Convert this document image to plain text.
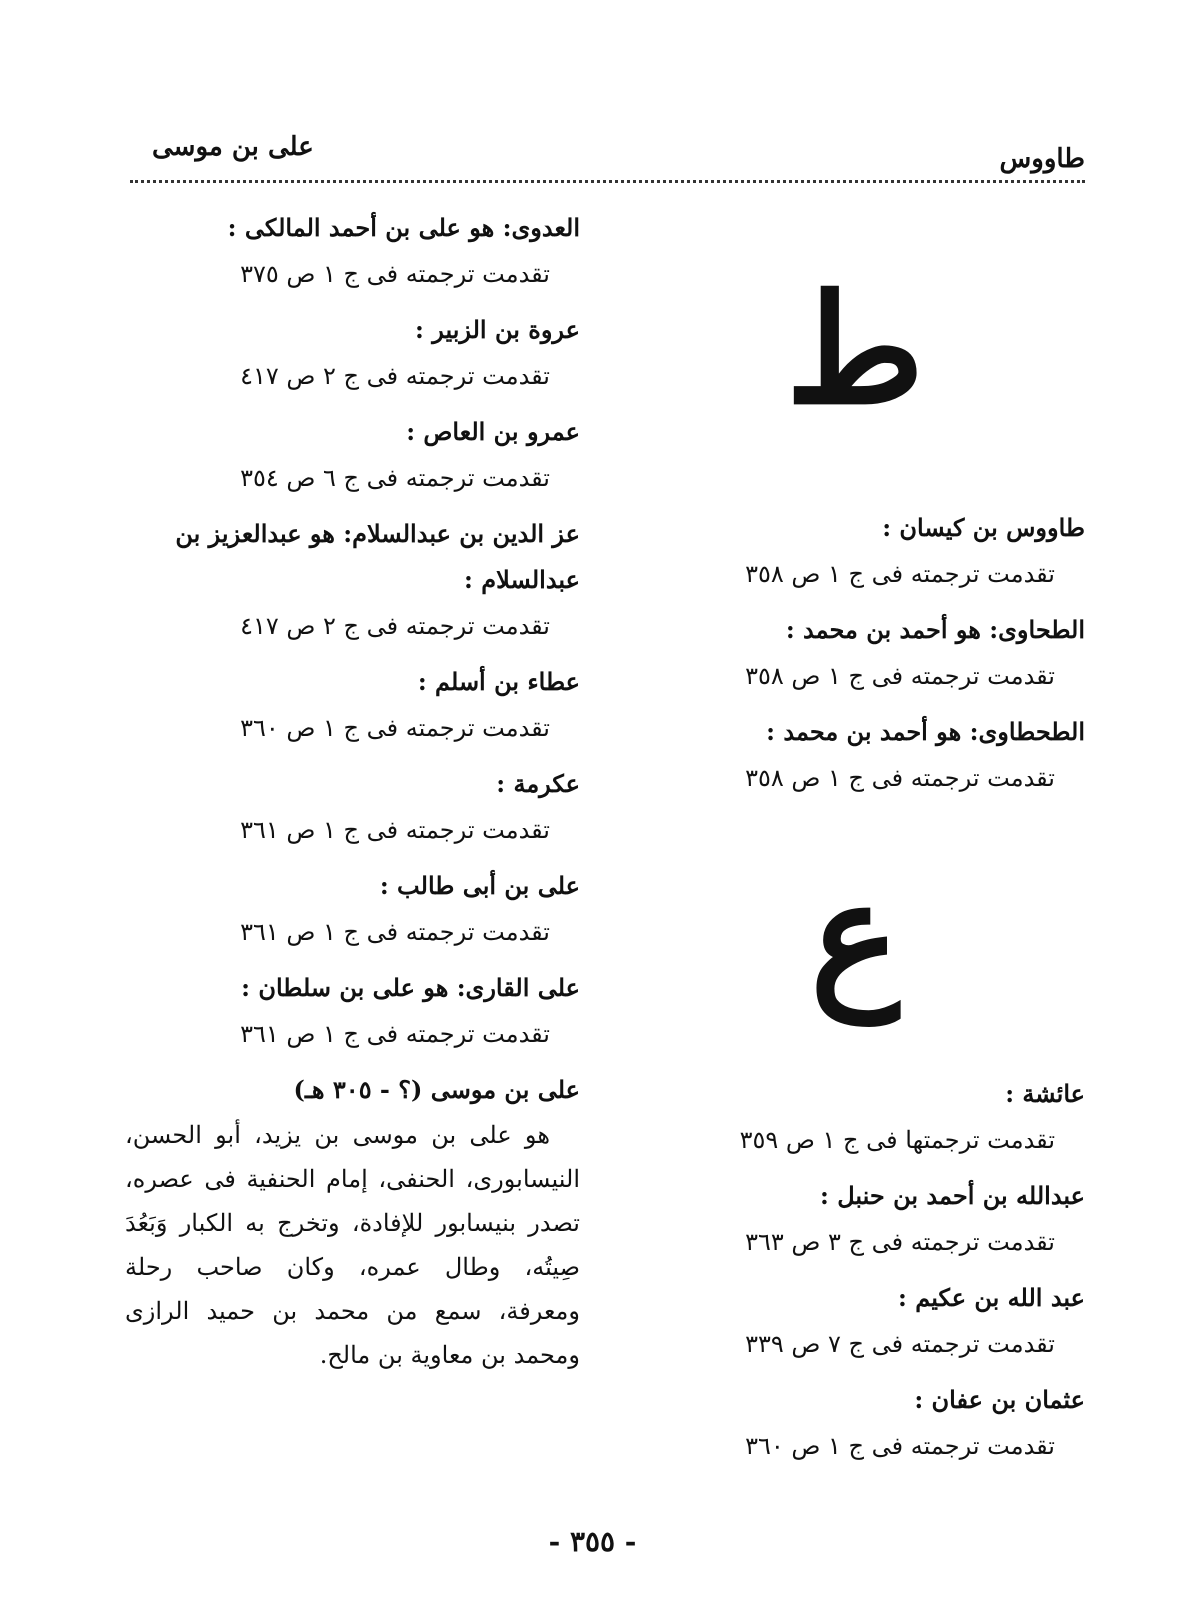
طاووس
على بن موسى
ط
طاووس بن كيسان :
تقدمت ترجمته فى ج ١ ص ٣٥٨
الطحاوى: هو أحمد بن محمد :
تقدمت ترجمته فى ج ١ ص ٣٥٨
الطحطاوى: هو أحمد بن محمد :
تقدمت ترجمته فى ج ١ ص ٣٥٨
ع
عائشة :
تقدمت ترجمتها فى ج ١ ص ٣٥٩
عبدالله بن أحمد بن حنبل :
تقدمت ترجمته فى ج ٣ ص ٣٦٣
عبد الله بن عكيم :
تقدمت ترجمته فى ج ٧ ص ٣٣٩
عثمان بن عفان :
تقدمت ترجمته فى ج ١ ص ٣٦٠
العدوى: هو على بن أحمد المالكى :
تقدمت ترجمته فى ج ١ ص ٣٧٥
عروة بن الزبير :
تقدمت ترجمته فى ج ٢ ص ٤١٧
عمرو بن العاص :
تقدمت ترجمته فى ج ٦ ص ٣٥٤
عز الدين بن عبدالسلام: هو عبدالعزيز بن عبدالسلام :
تقدمت ترجمته فى ج ٢ ص ٤١٧
عطاء بن أسلم :
تقدمت ترجمته فى ج ١ ص ٣٦٠
عكرمة :
تقدمت ترجمته فى ج ١ ص ٣٦١
على بن أبى طالب :
تقدمت ترجمته فى ج ١ ص ٣٦١
على القارى: هو على بن سلطان :
تقدمت ترجمته فى ج ١ ص ٣٦١
على بن موسى (؟ - ٣٠٥ هـ)
هو على بن موسى بن يزيد، أبو الحسن، النيسابورى، الحنفى، إمام الحنفية فى عصره، تصدر بنيسابور للإفادة، وتخرج به الكبار وَبَعُدَ صِيتُه، وطال عمره، وكان صاحب رحلة ومعرفة، سمع من محمد بن حميد الرازى ومحمد بن معاوية بن مالح.
- ٣٥٥ -
